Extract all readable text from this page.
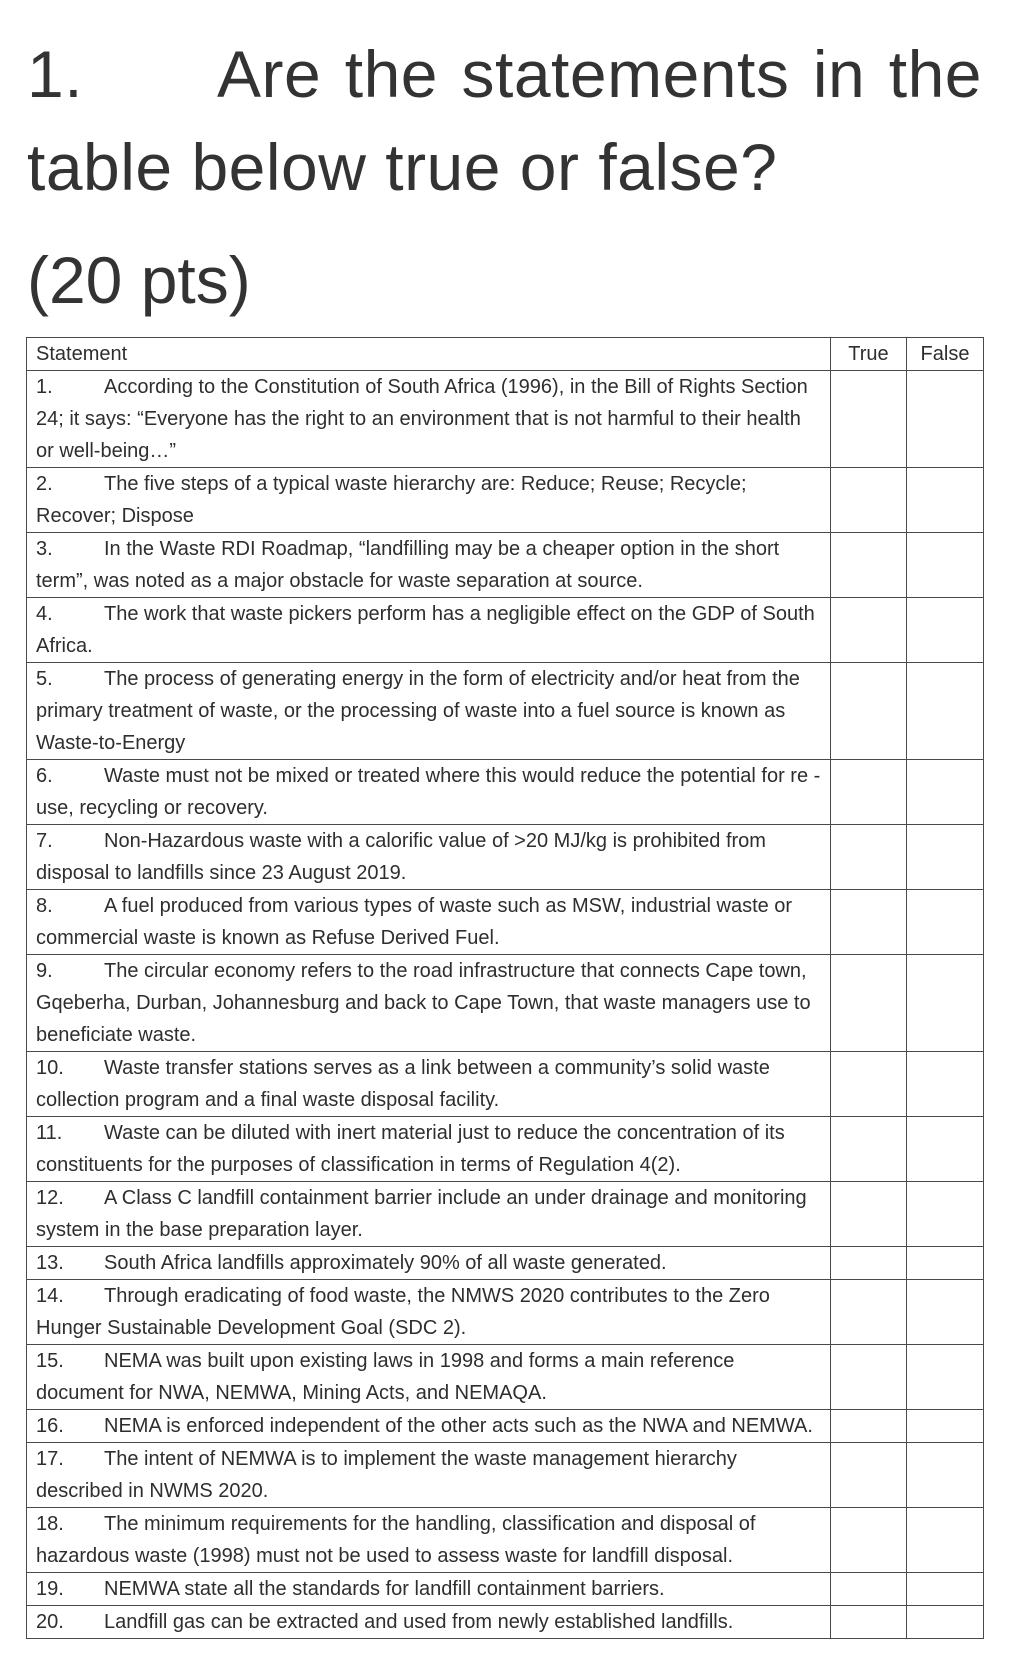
1.	Are the statements in the
table below true or false?
(20 pts)
Statement	True	False
1. According to the Constitution of South Africa (1996), in the Bill of Rights Section 24; it says: “Everyone has the right to an environment that is not harmful to their health or well-being…”		
2. The five steps of a typical waste hierarchy are: Reduce; Reuse; Recycle; Recover; Dispose		
3. In the Waste RDI Roadmap, “landfilling may be a cheaper option in the short term”, was noted as a major obstacle for waste separation at source.		
4. The work that waste pickers perform has a negligible effect on the GDP of South Africa.		
5. The process of generating energy in the form of electricity and/or heat from the primary treatment of waste, or the processing of waste into a fuel source is known as Waste-to-Energy		
6. Waste must not be mixed or treated where this would reduce the potential for re -use, recycling or recovery.		
7. Non-Hazardous waste with a calorific value of >20 MJ/kg is prohibited from disposal to landfills since 23 August 2019.		
8. A fuel produced from various types of waste such as MSW, industrial waste or commercial waste is known as Refuse Derived Fuel.		
9. The circular economy refers to the road infrastructure that connects Cape town, Gqeberha, Durban, Johannesburg and back to Cape Town, that waste managers use to beneficiate waste.		
10. Waste transfer stations serves as a link between a community’s solid waste collection program and a final waste disposal facility.		
11. Waste can be diluted with inert material just to reduce the concentration of its constituents for the purposes of classification in terms of Regulation 4(2).		
12. A Class C landfill containment barrier include an under drainage and monitoring system in the base preparation layer.		
13. South Africa landfills approximately 90% of all waste generated.		
14. Through eradicating of food waste, the NMWS 2020 contributes to the Zero Hunger Sustainable Development Goal (SDC 2).		
15. NEMA was built upon existing laws in 1998 and forms a main reference document for NWA, NEMWA, Mining Acts, and NEMAQA.		
16. NEMA is enforced independent of the other acts such as the NWA and NEMWA.		
17. The intent of NEMWA is to implement the waste management hierarchy described in NWMS 2020.		
18. The minimum requirements for the handling, classification and disposal of hazardous waste (1998) must not be used to assess waste for landfill disposal.		
19. NEMWA state all the standards for landfill containment barriers.		
20. Landfill gas can be extracted and used from newly established landfills.		
